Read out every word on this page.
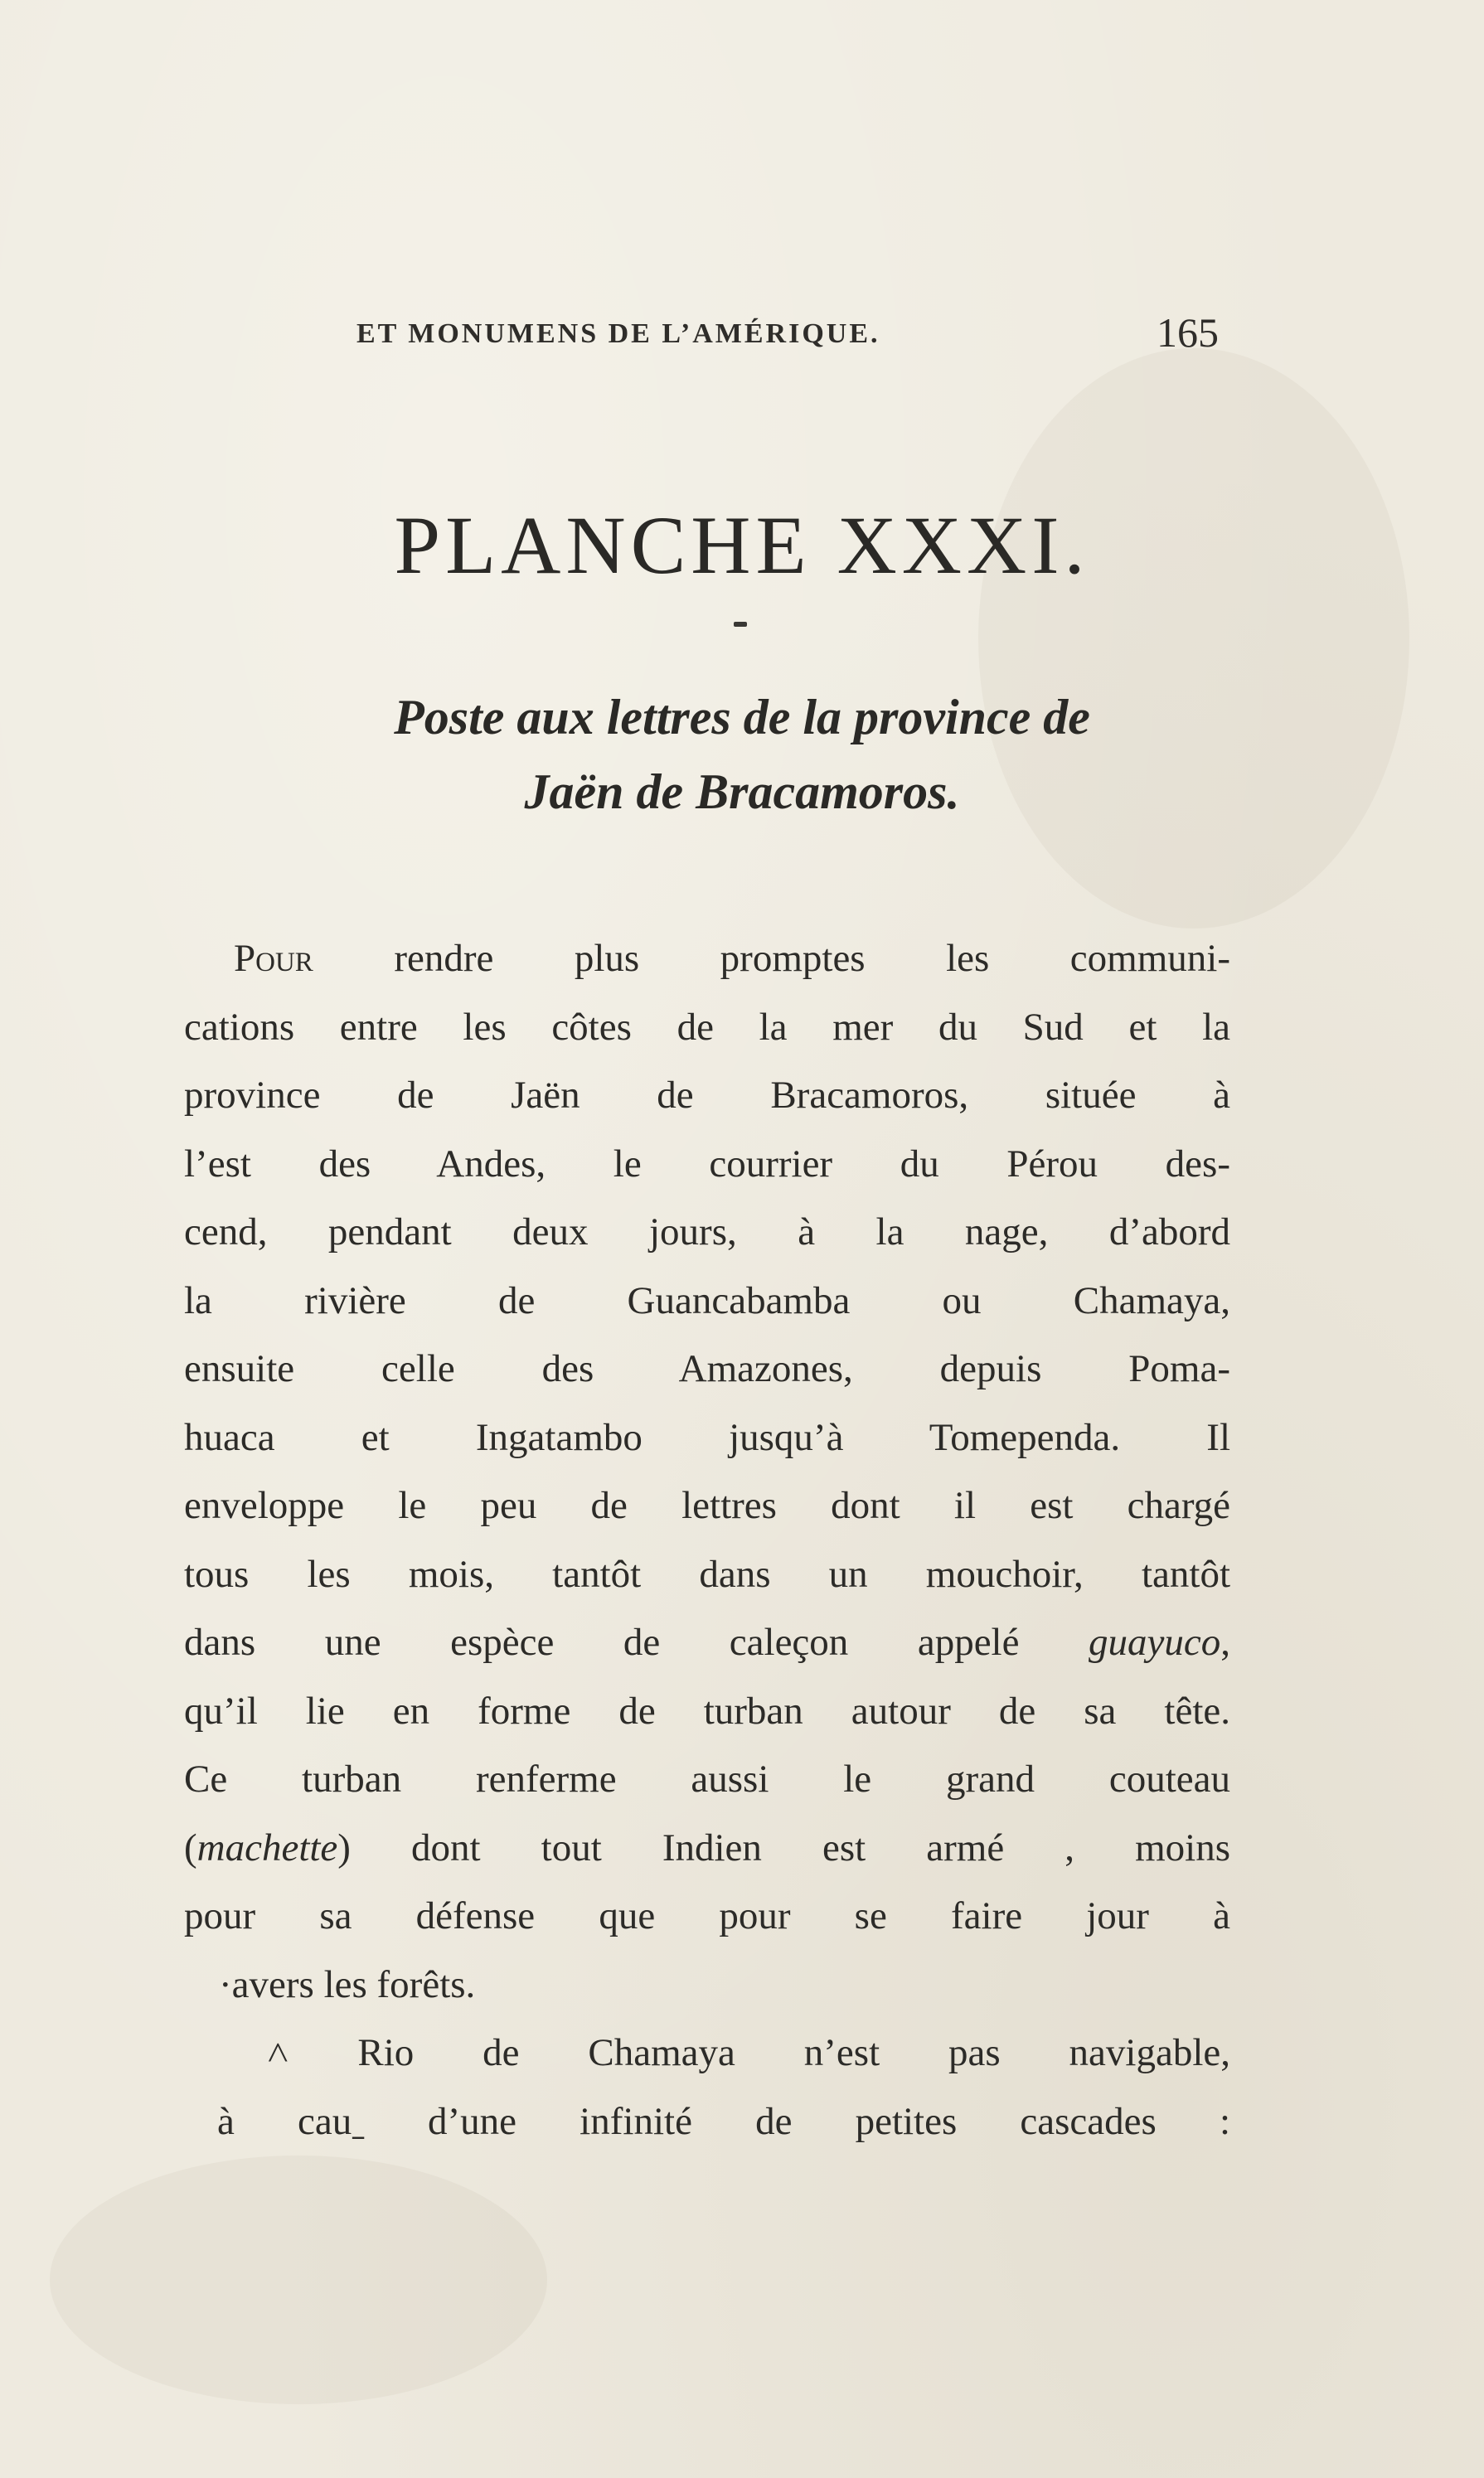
ET MONUMENS DE L’AMÉRIQUE.	165
PLANCHE XXXI.
Poste aux lettres de la province de
Jaën de Bracamoros.
Pour rendre plus promptes les communi-
cations entre les côtes de la mer du Sud et la
province de Jaën de Bracamoros, située à
l’est des Andes, le courrier du Pérou des-
cend, pendant deux jours, à la nage, d’abord
la rivière de Guancabamba ou Chamaya,
ensuite celle des Amazones, depuis Poma-
huaca et Ingatambo jusqu’à Tomependa. Il
enveloppe le peu de lettres dont il est chargé
tous les mois, tantôt dans un mouchoir, tantôt
dans une espèce de caleçon appelé guayuco,
qu’il lie en forme de turban autour de sa tête.
Ce turban renferme aussi le grand couteau
(machette) dont tout Indien est armé , moins
pour sa défense que pour se faire jour à
·avers les forêts.
˄ Rio de Chamaya n’est pas navigable,
à cauˍ d’une infinité de petites cascades :
